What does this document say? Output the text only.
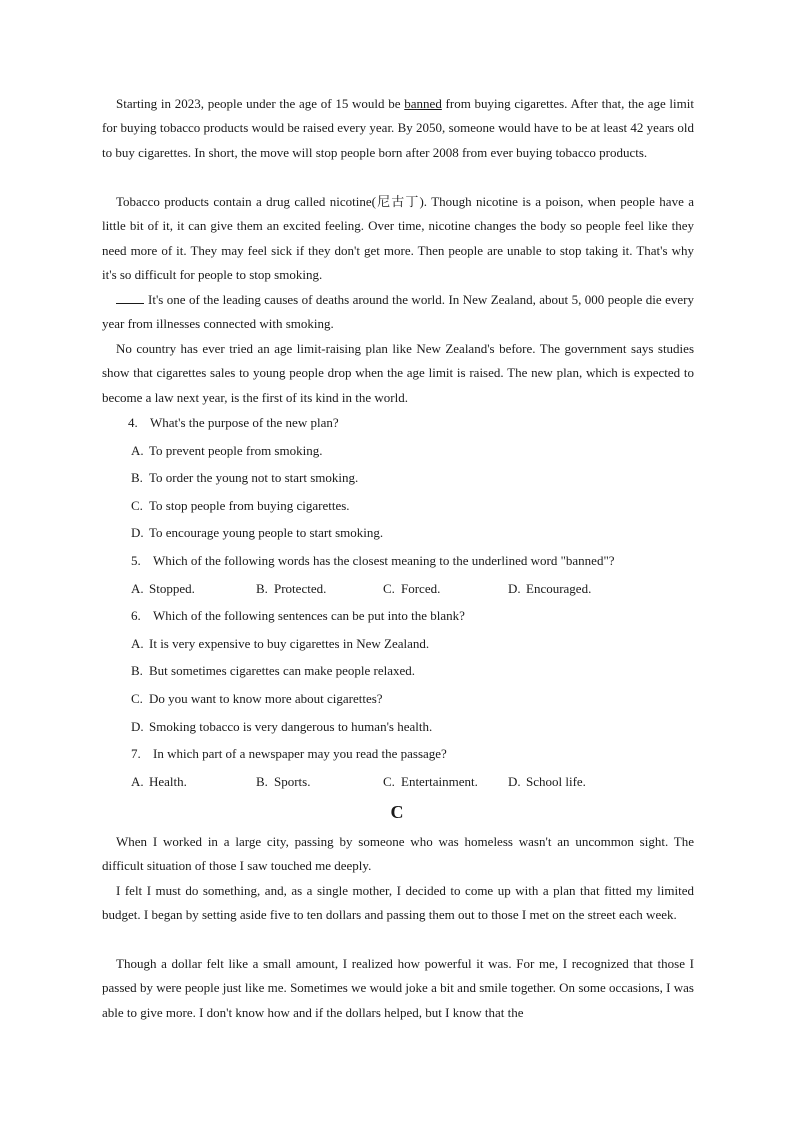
Starting in 2023, people under the age of 15 would be banned from buying cigarettes. After that, the age limit for buying tobacco products would be raised every year. By 2050, someone would have to be at least 42 years old to buy cigarettes. In short, the move will stop people born after 2008 from ever buying tobacco products.

Tobacco products contain a drug called nicotine(尼古丁). Though nicotine is a poison, when people have a little bit of it, it can give them an excited feeling. Over time, nicotine changes the body so people feel like they need more of it. They may feel sick if they don't get more. Then people are unable to stop taking it. That's why it's so difficult for people to stop smoking.

It's one of the leading causes of deaths around the world. In New Zealand, about 5, 000 people die every year from illnesses connected with smoking.

No country has ever tried an age limit-raising plan like New Zealand's before. The government says studies show that cigarettes sales to young people drop when the age limit is raised. The new plan, which is expected to become a law next year, is the first of its kind in the world.

4. What's the purpose of the new plan?
A. To prevent people from smoking.
B. To order the young not to start smoking.
C. To stop people from buying cigarettes.
D. To encourage young people to start smoking.
5. Which of the following words has the closest meaning to the underlined word "banned"?
A. Stopped.	B. Protected.	C. Forced.	D. Encouraged.
6. Which of the following sentences can be put into the blank?
A. It is very expensive to buy cigarettes in New Zealand.
B. But sometimes cigarettes can make people relaxed.
C. Do you want to know more about cigarettes?
D. Smoking tobacco is very dangerous to human's health.
7. In which part of a newspaper may you read the passage?
A. Health.	B. Sports.	C. Entertainment. D. School life.
C

When I worked in a large city, passing by someone who was homeless wasn't an uncommon sight. The difficult situation of those I saw touched me deeply.

I felt I must do something, and, as a single mother, I decided to come up with a plan that fitted my limited budget. I began by setting aside five to ten dollars and passing them out to those I met on the street each week.

Though a dollar felt like a small amount, I realized how powerful it was. For me, I recognized that those I passed by were people just like me. Sometimes we would joke a bit and smile together. On some occasions, I was able to give more. I don't know how and if the dollars helped, but I know that the
